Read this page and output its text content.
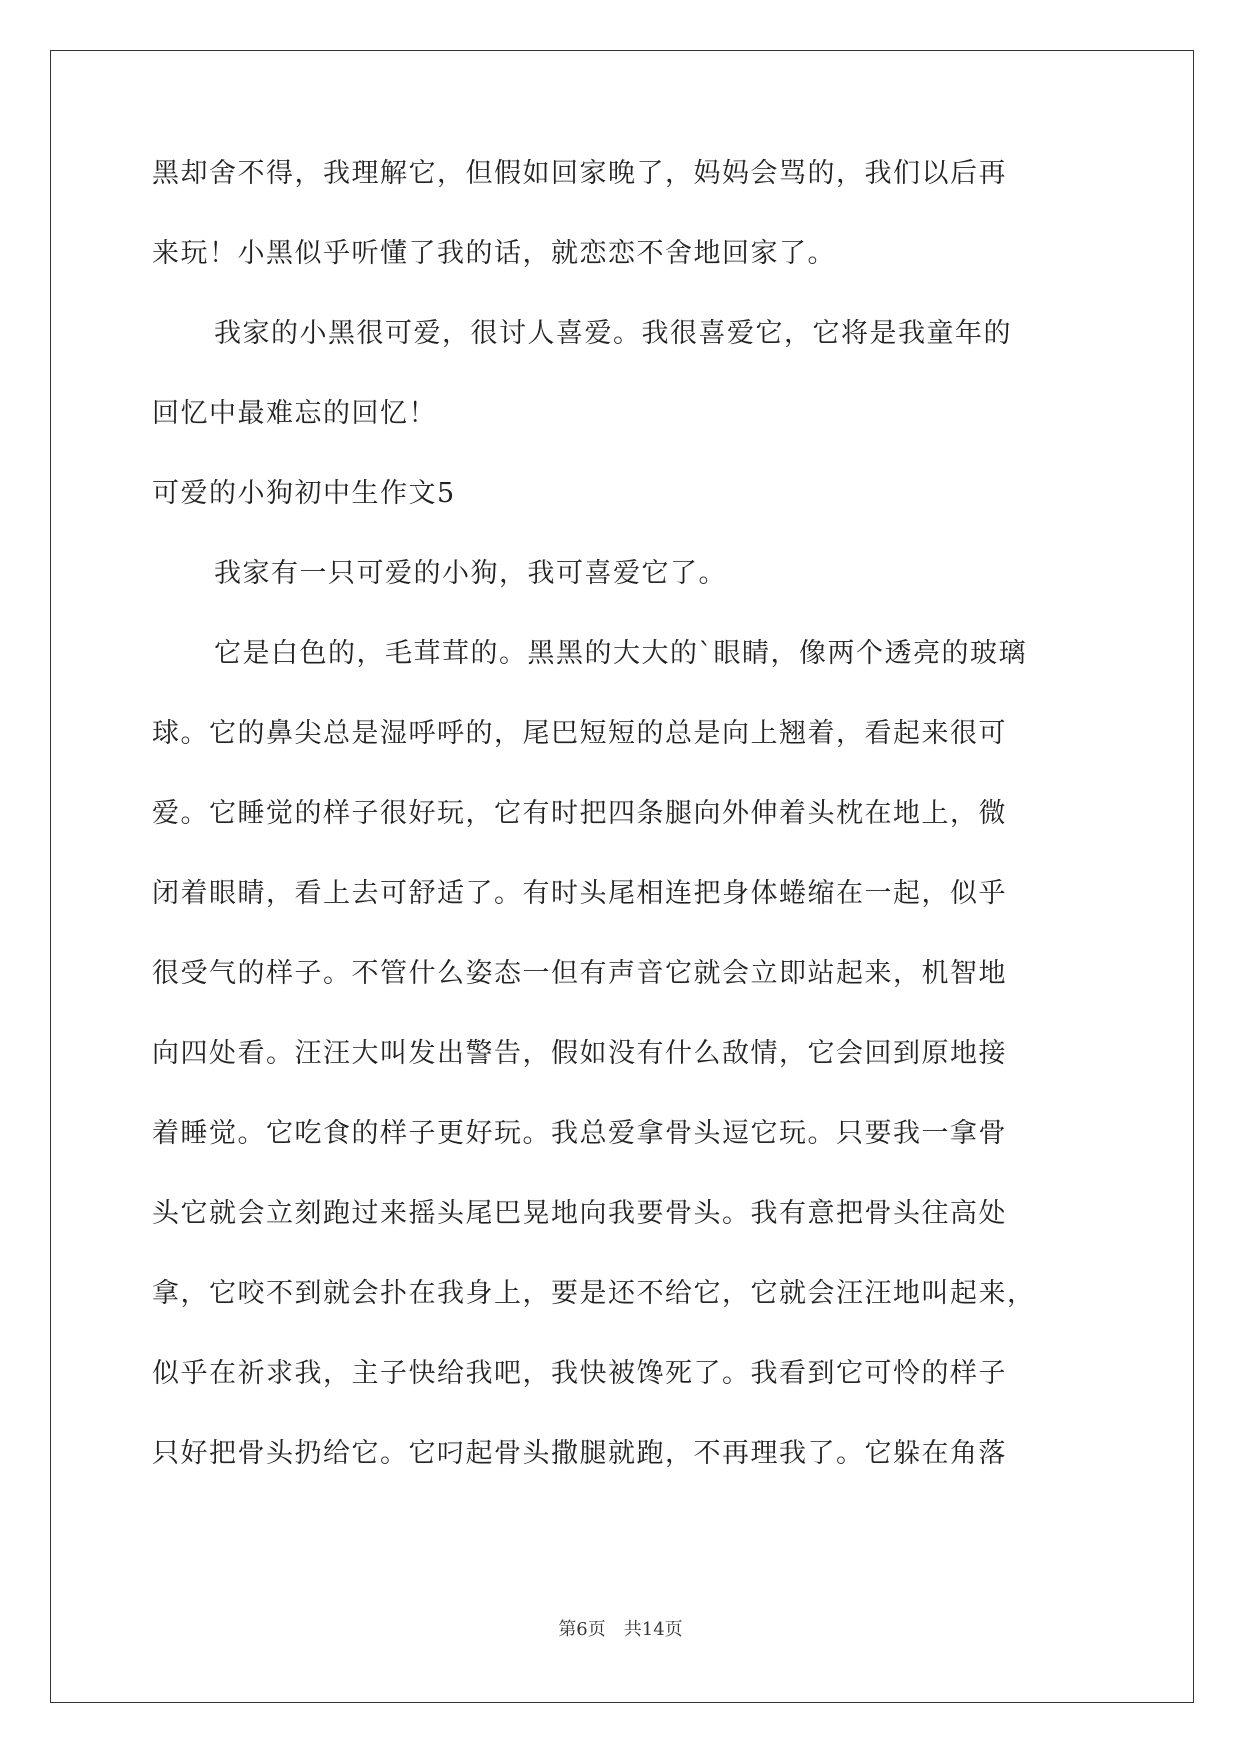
黑却舍不得，我理解它，但假如回家晚了，妈妈会骂的，我们以后再
来玩！小黑似乎听懂了我的话，就恋恋不舍地回家了。
我家的小黑很可爱，很讨人喜爱。我很喜爱它，它将是我童年的
回忆中最难忘的回忆！
可爱的小狗初中生作文5
我家有一只可爱的小狗，我可喜爱它了。
它是白色的，毛茸茸的。黑黑的大大的`眼睛，像两个透亮的玻璃
球。它的鼻尖总是湿呼呼的，尾巴短短的总是向上翘着，看起来很可
爱。它睡觉的样子很好玩，它有时把四条腿向外伸着头枕在地上，微
闭着眼睛，看上去可舒适了。有时头尾相连把身体蜷缩在一起，似乎
很受气的样子。不管什么姿态一但有声音它就会立即站起来，机智地
向四处看。汪汪大叫发出警告，假如没有什么敌情，它会回到原地接
着睡觉。它吃食的样子更好玩。我总爱拿骨头逗它玩。只要我一拿骨
头它就会立刻跑过来摇头尾巴晃地向我要骨头。我有意把骨头往高处
拿，它咬不到就会扑在我身上，要是还不给它，它就会汪汪地叫起来，
似乎在祈求我，主子快给我吧，我快被馋死了。我看到它可怜的样子
只好把骨头扔给它。它叼起骨头撒腿就跑，不再理我了。它躲在角落
第6页 共14页
